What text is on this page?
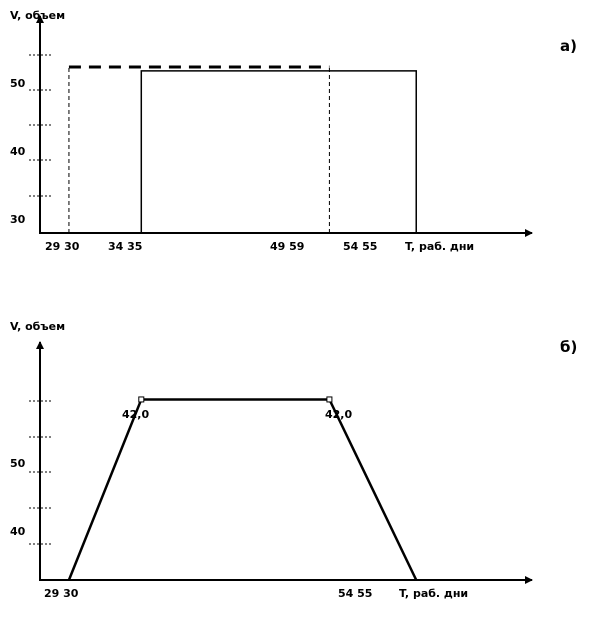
V, объем
а)
T, раб. дни
50
40
30
29 30	34 35	49 59	54 55
V, объем
б)
T, раб. дни
50
40
29 30	54 55
42,0	42,0
